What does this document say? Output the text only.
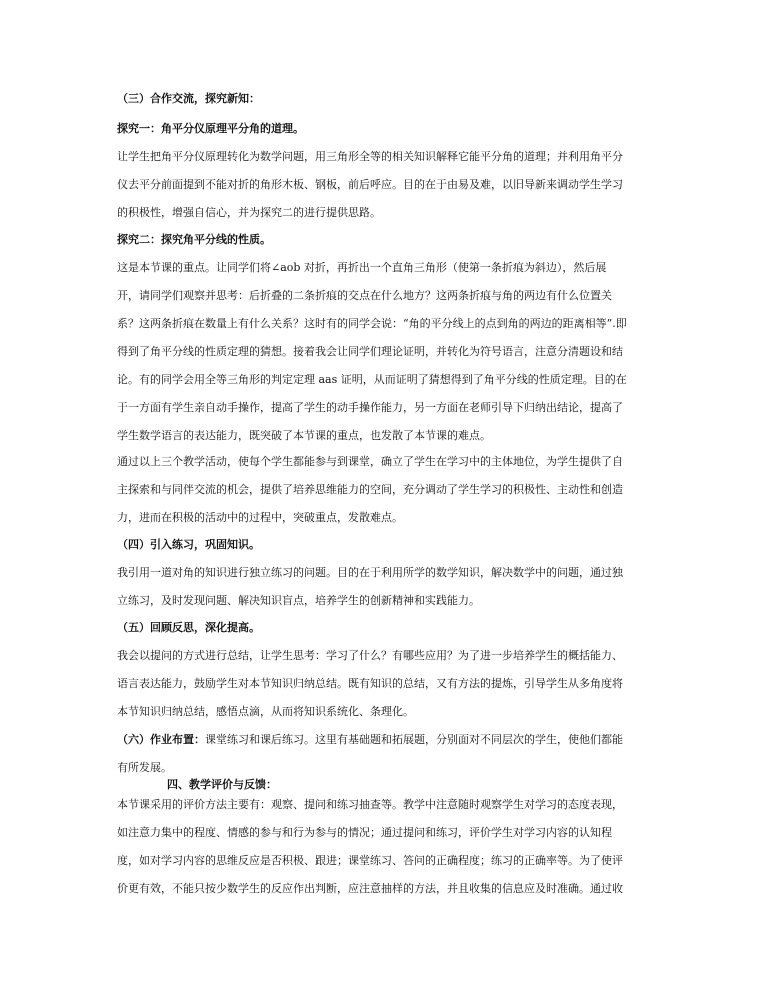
（三）合作交流，探究新知：
探究一：角平分仪原理平分角的道理。
让学生把角平分仪原理转化为数学问题，用三角形全等的相关知识解释它能平分角的道理；并利用角平分
仪去平分前面提到不能对折的角形木板、钢板，前后呼应。目的在于由易及难，以旧导新来调动学生学习
的积极性，增强自信心，并为探究二的进行提供思路。
探究二：探究角平分线的性质。
这是本节课的重点。让同学们将∠aob 对折，再折出一个直角三角形（使第一条折痕为斜边），然后展
开，请同学们观察并思考：后折叠的二条折痕的交点在什么地方？这两条折痕与角的两边有什么位置关
系？这两条折痕在数量上有什么关系？这时有的同学会说：“角的平分线上的点到角的两边的距离相等”.即
得到了角平分线的性质定理的猜想。接着我会让同学们理论证明，并转化为符号语言，注意分清题设和结
论。有的同学会用全等三角形的判定定理 aas 证明，从而证明了猜想得到了角平分线的性质定理。目的在
于一方面有学生亲自动手操作，提高了学生的动手操作能力，另一方面在老师引导下归纳出结论，提高了
学生数学语言的表达能力，既突破了本节课的重点，也发散了本节课的难点。
通过以上三个教学活动，使每个学生都能参与到课堂，确立了学生在学习中的主体地位，为学生提供了自
主探索和与同伴交流的机会，提供了培养思维能力的空间，充分调动了学生学习的积极性、主动性和创造
力，进而在积极的活动中的过程中，突破重点，发散难点。
（四）引入练习，巩固知识。
我引用一道对角的知识进行独立练习的问题。目的在于利用所学的数学知识，解决数学中的问题，通过独
立练习，及时发现问题、解决知识盲点，培养学生的创新精神和实践能力。
（五）回顾反思，深化提高。
我会以提问的方式进行总结，让学生思考：学习了什么？有哪些应用？为了进一步培养学生的概括能力、
语言表达能力，鼓励学生对本节知识归纳总结。既有知识的总结，又有方法的提炼，引导学生从多角度将
本节知识归纳总结，感悟点滴，从而将知识系统化、条理化。
（六）作业布置：课堂练习和课后练习。这里有基础题和拓展题，分别面对不同层次的学生，使他们都能
有所发展。
四、教学评价与反馈：
本节课采用的评价方法主要有：观察、提问和练习抽查等。教学中注意随时观察学生对学习的态度表现，
如注意力集中的程度、情感的参与和行为参与的情况；通过提问和练习，评价学生对学习内容的认知程
度，如对学习内容的思维反应是否积极、跟进；课堂练习、答问的正确程度；练习的正确率等。为了使评
价更有效，不能只按少数学生的反应作出判断，应注意抽样的方法，并且收集的信息应及时准确。通过收
